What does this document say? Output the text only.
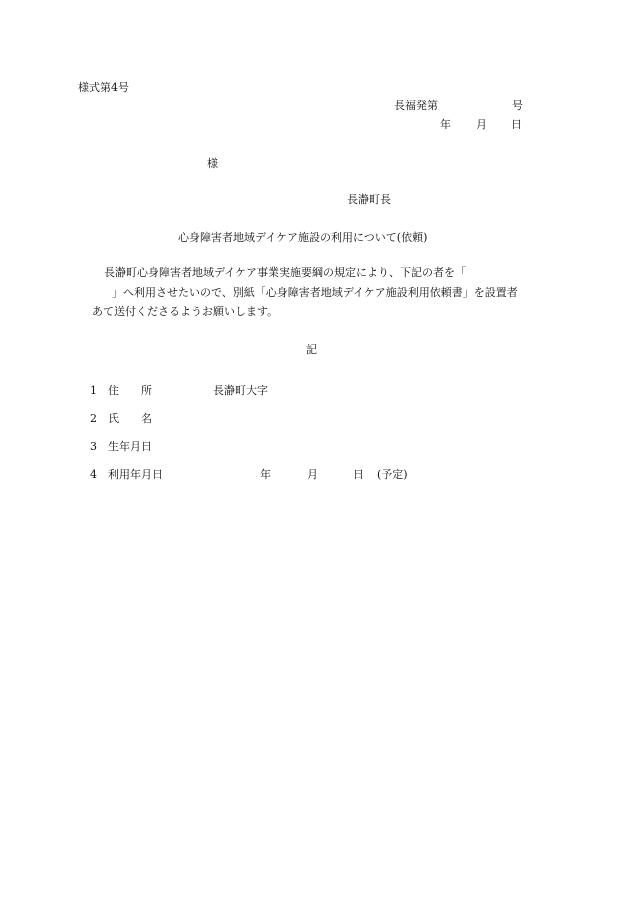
様式第4号
長福発第	号
年 月 日
様
長瀞町長
心身障害者地域デイケア施設の利用について(依頼)
長瀞町心身障害者地域デイケア事業実施要綱の規定により、下記の者を「
」へ利用させたいので、別紙「心身障害者地域デイケア施設利用依頼書」を設置者
あて送付くださるようお願いします。
記
1 住　　所	長瀞町大字
2 氏　　名
3 生年月日
4 利用年月日	年	月	日 (予定)
